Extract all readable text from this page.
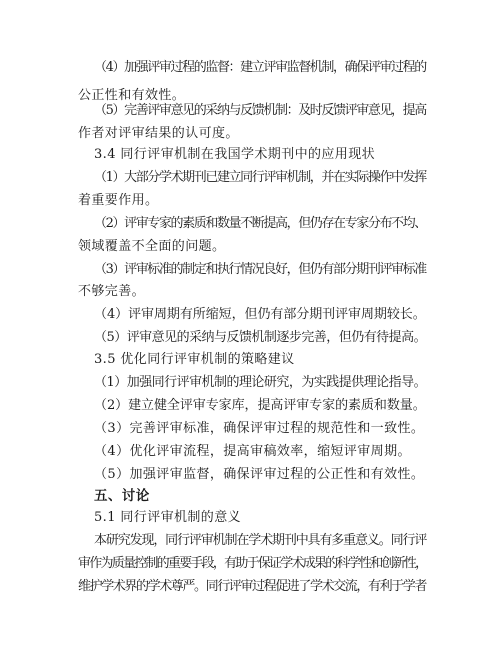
（4）加强评审过程的监督：建立评审监督机制，确保评审过程的
公正性和有效性。
（5）完善评审意见的采纳与反馈机制：及时反馈评审意见，提高
作者对评审结果的认可度。
3.4 同行评审机制在我国学术期刊中的应用现状
（1）大部分学术期刊已建立同行评审机制，并在实际操作中发挥
着重要作用。
（2）评审专家的素质和数量不断提高，但仍存在专家分布不均、
领域覆盖不全面的问题。
（3）评审标准的制定和执行情况良好，但仍有部分期刊评审标准
不够完善。
（4）评审周期有所缩短，但仍有部分期刊评审周期较长。
（5）评审意见的采纳与反馈机制逐步完善，但仍有待提高。
3.5 优化同行评审机制的策略建议
（1）加强同行评审机制的理论研究，为实践提供理论指导。
（2）建立健全评审专家库，提高评审专家的素质和数量。
（3）完善评审标准，确保评审过程的规范性和一致性。
（4）优化评审流程，提高审稿效率，缩短评审周期。
（5）加强评审监督，确保评审过程的公正性和有效性。
五、讨论
5.1 同行评审机制的意义
本研究发现，同行评审机制在学术期刊中具有多重意义。同行评
审作为质量控制的重要手段，有助于保证学术成果的科学性和创新性，
维护学术界的学术尊严。同行评审过程促进了学术交流，有利于学者
